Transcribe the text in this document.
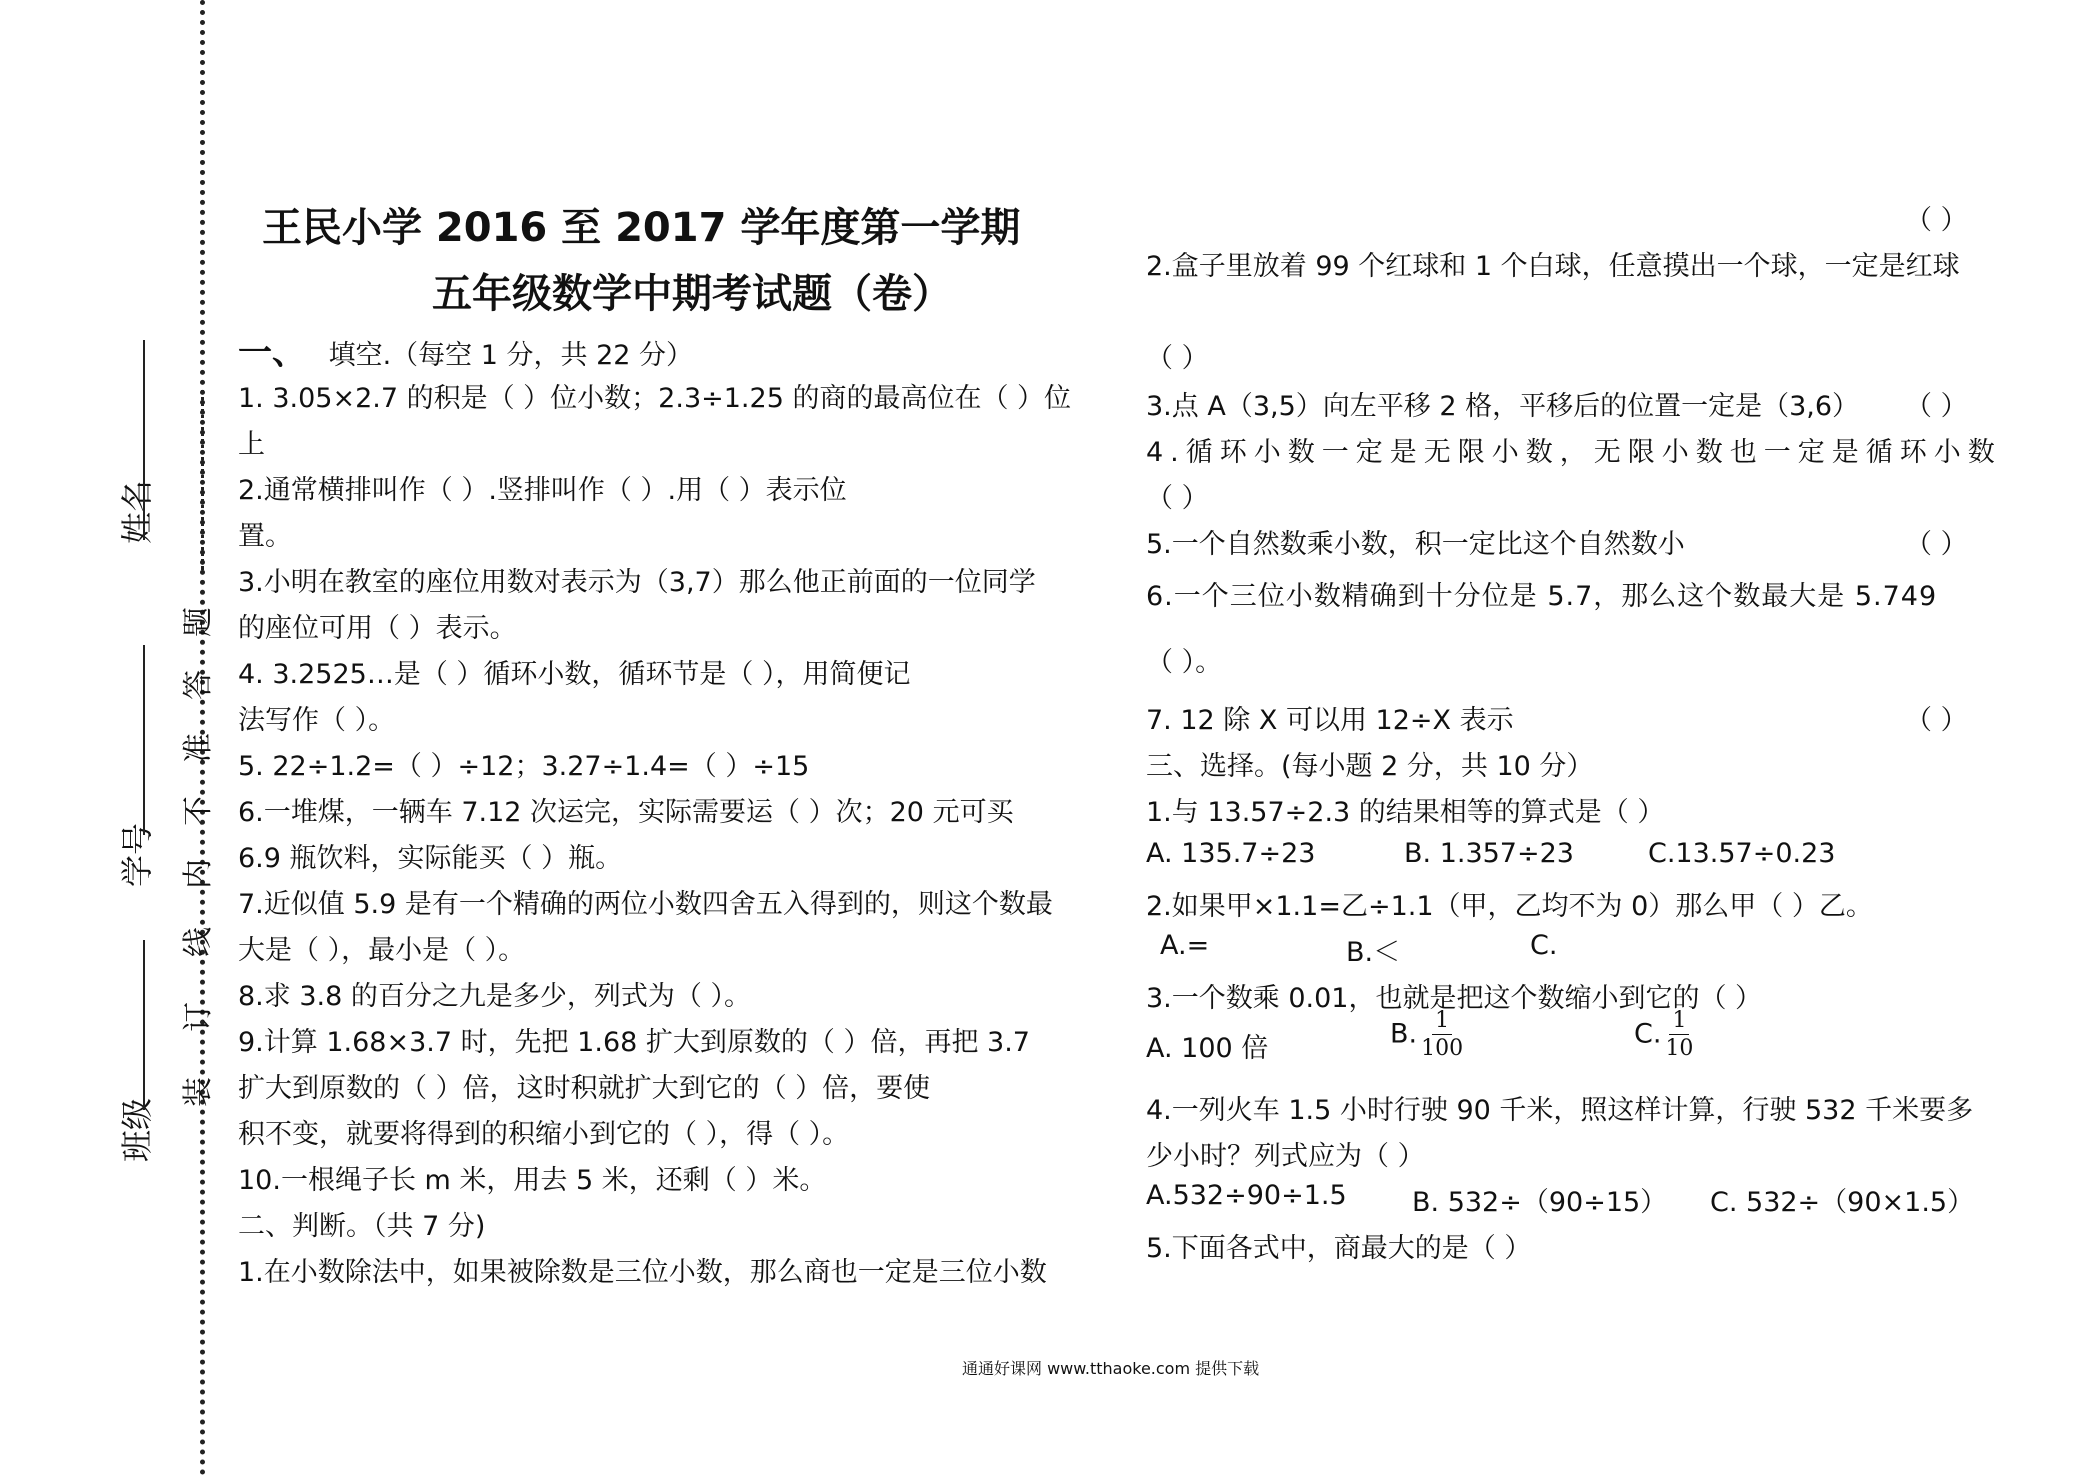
姓名
学号
班级
题
答
准
不
内
线
订
装
王民小学 2016 至 2017 学年度第一学期
五年级数学中期考试题（卷）
一、 填空.（每空 1 分，共 22 分）
1. 3.05×2.7 的积是（ ）位小数；2.3÷1.25 的商的最高位在（ ）位
上
2.通常横排叫作（ ）.竖排叫作（ ）.用（ ）表示位
置。
3.小明在教室的座位用数对表示为（3,7）那么他正前面的一位同学
的座位可用（ ）表示。
4. 3.2525…是（ ）循环小数，循环节是（ ），用简便记
法写作（ ）。
5. 22÷1.2=（ ）÷12；3.27÷1.4=（ ）÷15
6.一堆煤，一辆车 7.12 次运完，实际需要运（ ）次；20 元可买
6.9 瓶饮料，实际能买（ ）瓶。
7.近似值 5.9 是有一个精确的两位小数四舍五入得到的，则这个数最
大是（ ），最小是（ ）。
8.求 3.8 的百分之九是多少，列式为（ ）。
9.计算 1.68×3.7 时，先把 1.68 扩大到原数的（ ）倍，再把 3.7
扩大到原数的（ ）倍，这时积就扩大到它的（ ）倍，要使
积不变，就要将得到的积缩小到它的（ ），得（ ）。
10.一根绳子长 m 米，用去 5 米，还剩（ ）米。
二、判断。（共 7 分)
1.在小数除法中，如果被除数是三位小数，那么商也一定是三位小数
（ ）
2.盒子里放着 99 个红球和 1 个白球，任意摸出一个球，一定是红球
（ ）
3.点 A（3,5）向左平移 2 格，平移后的位置一定是（3,6） （ ）
4.循环小数一定是无限小数，无限小数也一定是循环小数
（ ）
5.一个自然数乘小数，积一定比这个自然数小	（ ）
6.一个三位小数精确到十分位是 5.7，那么这个数最大是 5.749
（ ）。
7. 12 除 X 可以用 12÷X 表示	（ ）
三、选择。(每小题 2 分，共 10 分）
1.与 13.57÷2.3 的结果相等的算式是（ ）
A. 135.7÷23	B. 1.357÷23	C.13.57÷0.23
2.如果甲×1.1=乙÷1.1（甲，乙均不为 0）那么甲（ ）乙。
A.=	B.＜	C.
3.一个数乘 0.01，也就是把这个数缩小到它的（ ）
A. 100 倍	B. $\frac{1}{100}$	C. $\frac{1}{10}$
4.一列火车 1.5 小时行驶 90 千米，照这样计算，行驶 532 千米要多
少小时？列式应为（ ）
A.532÷90÷1.5 B. 532÷（90÷15） C. 532÷（90×1.5）
5.下面各式中，商最大的是（ ）
通通好课网 www.tthaoke.com 提供下载
